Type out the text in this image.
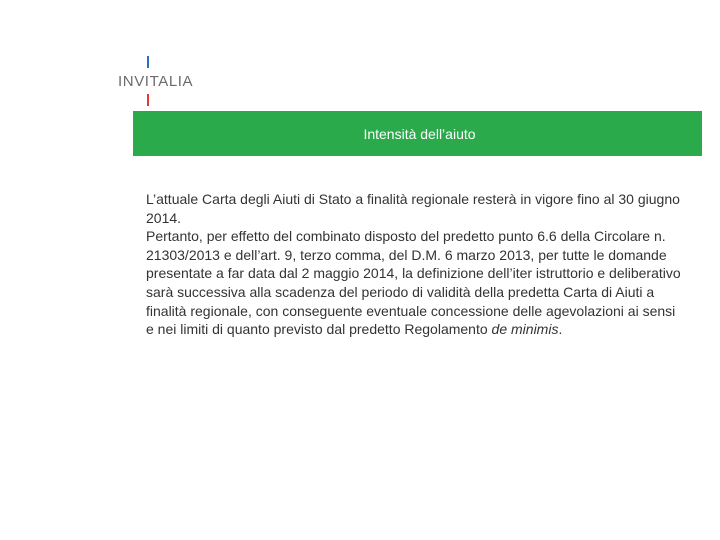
INVITALIA
Intensità dell’aiuto

L’attuale Carta degli Aiuti di Stato a finalità regionale resterà in vigore fino al 30 giugno 2014.

Pertanto, per effetto del combinato disposto del predetto punto 6.6 della Circolare n. 21303/2013 e dell’art. 9, terzo comma, del D.M. 6 marzo 2013, per tutte le domande presentate a far data dal 2 maggio 2014, la definizione dell’iter istruttorio e deliberativo sarà successiva alla scadenza del periodo di validità della predetta Carta di Aiuti a finalità regionale, con conseguente eventuale concessione delle agevolazioni ai sensi e nei limiti di quanto previsto dal predetto Regolamento de minimis.
